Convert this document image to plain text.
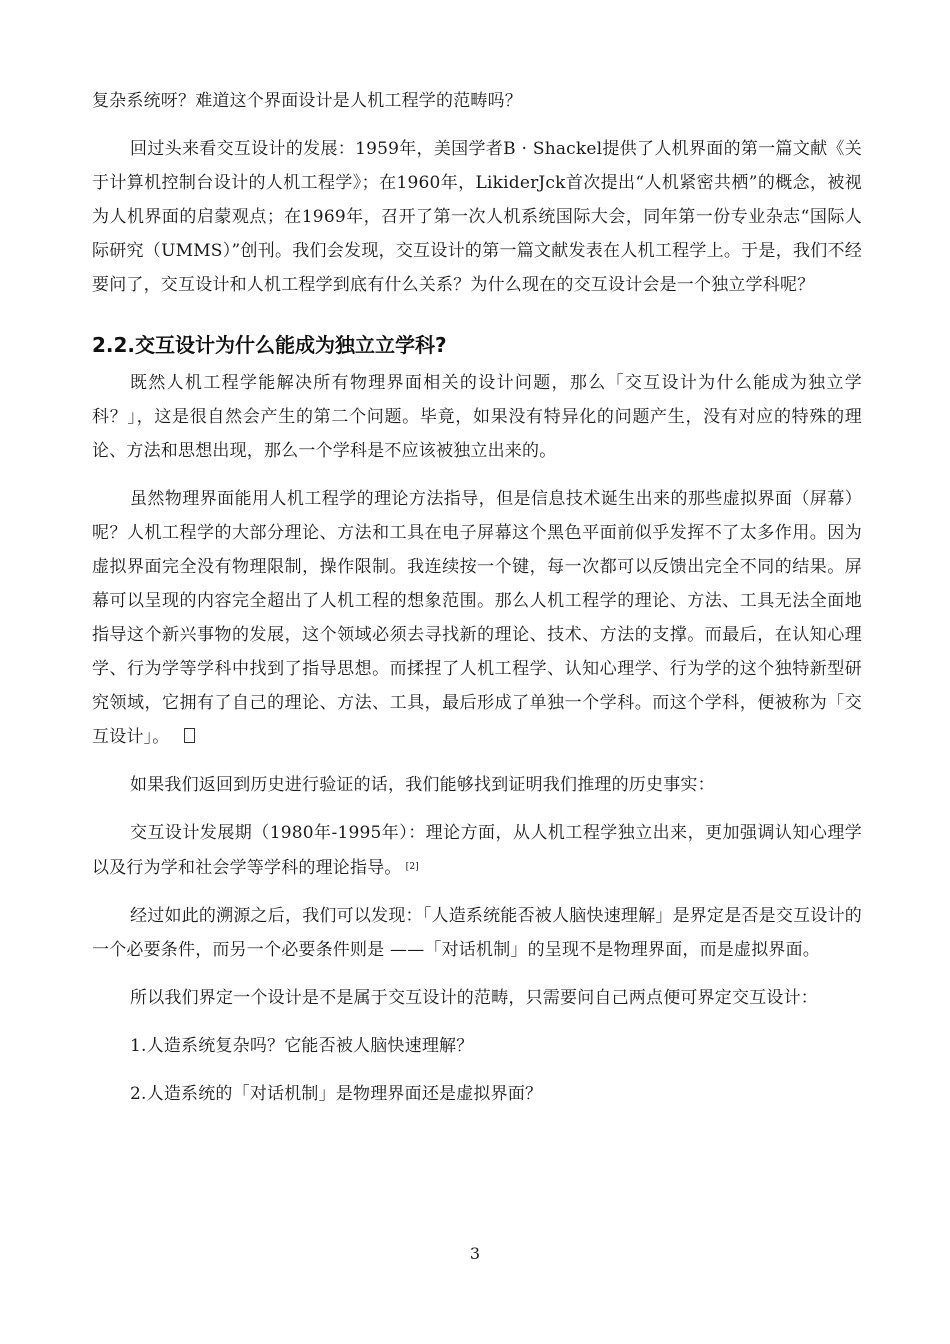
复杂系统呀？难道这个界面设计是人机工程学的范畴吗？

回过头来看交互设计的发展：1959年，美国学者B · Shackel提供了人机界面的第一篇文献《关于计算机控制台设计的人机工程学》；在1960年，LikiderJck首次提出“人机紧密共栖”的概念，被视为人机界面的启蒙观点；在1969年，召开了第一次人机系统国际大会，同年第一份专业杂志“国际人际研究（UMMS）”创刊。我们会发现，交互设计的第一篇文献发表在人机工程学上。于是，我们不经要问了，交互设计和人机工程学到底有什么关系？为什么现在的交互设计会是一个独立学科呢？

2.2.交互设计为什么能成为独立立学科?

既然人机工程学能解决所有物理界面相关的设计问题，那么「交互设计为什么能成为独立学科？」，这是很自然会产生的第二个问题。毕竟，如果没有特异化的问题产生，没有对应的特殊的理论、方法和思想出现，那么一个学科是不应该被独立出来的。

虽然物理界面能用人机工程学的理论方法指导，但是信息技术诞生出来的那些虚拟界面（屏幕）呢？人机工程学的大部分理论、方法和工具在电子屏幕这个黑色平面前似乎发挥不了太多作用。因为虚拟界面完全没有物理限制，操作限制。我连续按一个键，每一次都可以反馈出完全不同的结果。屏幕可以呈现的内容完全超出了人机工程的想象范围。那么人机工程学的理论、方法、工具无法全面地指导这个新兴事物的发展，这个领域必须去寻找新的理论、技术、方法的支撑。而最后，在认知心理学、行为学等学科中找到了指导思想。而揉捏了人机工程学、认知心理学、行为学的这个独特新型研究领域，它拥有了自己的理论、方法、工具，最后形成了单独一个学科。而这个学科，便被称为「交互设计」。

如果我们返回到历史进行验证的话，我们能够找到证明我们推理的历史事实：

交互设计发展期（1980年-1995年）：理论方面，从人机工程学独立出来，更加强调认知心理学以及行为学和社会学等学科的理论指导。 [2]

经过如此的溯源之后，我们可以发现：「人造系统能否被人脑快速理解」是界定是否是交互设计的一个必要条件，而另一个必要条件则是 ——「对话机制」的呈现不是物理界面，而是虚拟界面。

所以我们界定一个设计是不是属于交互设计的范畴，只需要问自己两点便可界定交互设计：

1.人造系统复杂吗？它能否被人脑快速理解？

2.人造系统的「对话机制」是物理界面还是虚拟界面？

3
